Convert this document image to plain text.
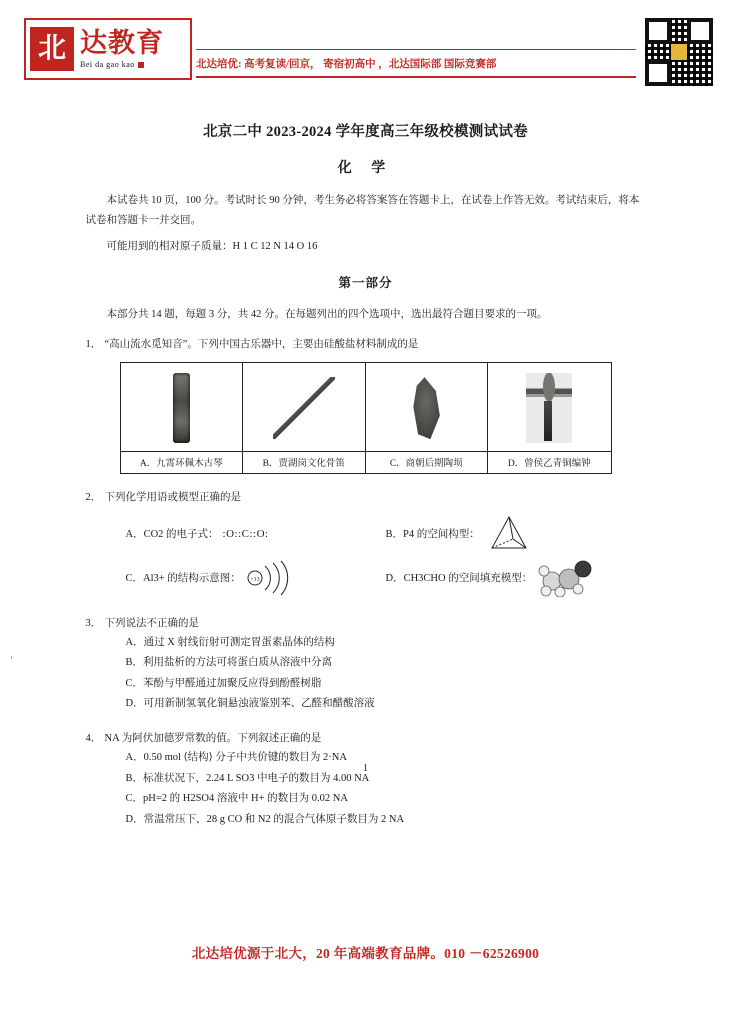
北 达教育
Bei da gao kao	北达培优: 高考复读/回京， 寄宿初高中 ，北达国际部 国际竞赛部
北京二中 2023-2024 学年度高三年级校模测试试卷
化 学
本试卷共 10 页，100 分。考试时长 90 分钟，考生务必将答案答在答题卡上，在试卷上作答无效。考试结束后，将本试卷和答题卡一并交回。
可能用到的相对原子质量：H 1 C 12 N 14 O 16
第一部分
本部分共 14 题，每题 3 分，共 42 分。在每题列出的四个选项中，选出最符合题目要求的一项。
1． “高山流水觅知音”。下列中国古乐器中，主要由硅酸盐材料制成的是
A．九霄环佩木古琴	B．贾湖岗文化骨笛	C．商朝后期陶埙	D．曾侯乙青铜编钟
2． 下列化学用语或模型正确的是
A．CO2 的电子式： :O::C::O:	B．P4 的空间构型：
C．Al3+ 的结构示意图： +13	D．CH3CHO 的空间填充模型：
3． 下列说法不正确的是
A．通过 X 射线衍射可测定胃蛋素晶体的结构
B．利用盐析的方法可将蛋白质从溶液中分离
C．苯酚与甲醛通过加聚反应得到酚醛树脂
D．可用新制氢氧化铜悬浊液鉴别苯、乙醛和醋酸溶液
4． NA 为阿伏加德罗常数的值。下列叙述正确的是
A．0.50 mol ⟨结构⟩ 分子中共价键的数目为 2·NA
B．标准状况下，2.24 L SO3 中电子的数目为 4.00 NA
C．pH=2 的 H2SO4 溶液中 H+ 的数目为 0.02 NA
D．常温常压下，28 g CO 和 N2 的混合气体原子数目为 2 NA
’
1
北达培优源于北大，20 年高端教育品牌。010 －62526900
